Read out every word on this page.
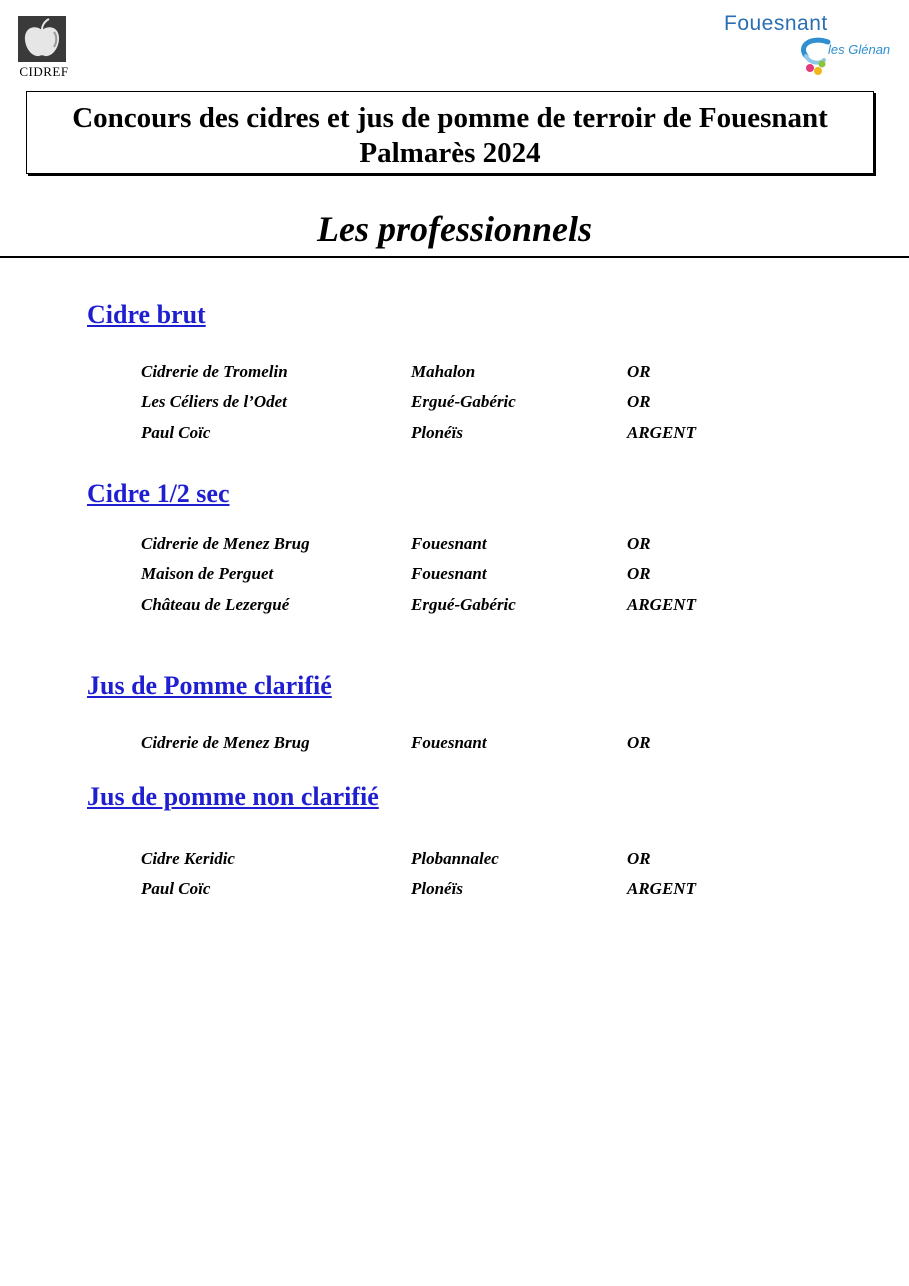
CIDREF
Fouesnant
les Glénan
Concours des cidres et jus de pomme de terroir de Fouesnant
Palmarès 2024
Les professionnels
Cidre brut
Cidrerie de Tromelin	Mahalon	OR
Les Céliers de l’Odet	Ergué-Gabéric	OR
Paul Coïc	Plonéïs	ARGENT
Cidre 1/2 sec
Cidrerie de Menez Brug	Fouesnant	OR
Maison de Perguet	Fouesnant	OR
Château de Lezergué	Ergué-Gabéric	ARGENT
Jus de Pomme clarifié
Cidrerie de Menez Brug	Fouesnant	OR
Jus de pomme non clarifié
Cidre Keridic	Plobannalec	OR
Paul Coïc	Plonéïs	ARGENT
